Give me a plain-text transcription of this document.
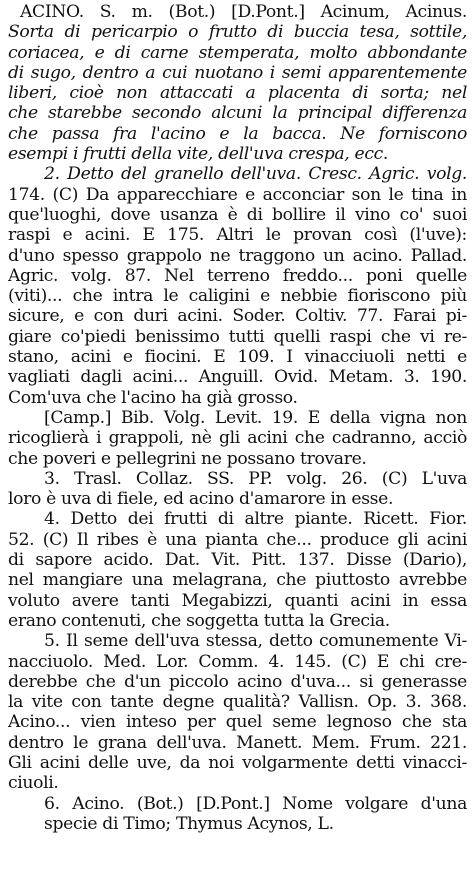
ACINO. S. m. (Bot.) [D.Pont.] Acinum, Acinus.
Sorta di pericarpio o frutto di buccia tesa, sottile,
coriacea, e di carne stemperata, molto abbondante
di sugo, dentro a cui nuotano i semi apparentemente
liberi, cioè non attaccati a placenta di sorta; nel
che starebbe secondo alcuni la principal differenza
che passa fra l'acino e la bacca. Ne forniscono
esempi i frutti della vite, dell'uva crespa, ecc.
2. Detto del granello dell'uva. Cresc. Agric. volg.
174. (C) Da apparecchiare e acconciar son le tina in
que'luoghi, dove usanza è di bollire il vino co' suoi
raspi e acini. E 175. Altri le provan così (l'uve):
d'uno spesso grappolo ne traggono un acino. Pallad.
Agric. volg. 87. Nel terreno freddo... poni quelle
(viti)... che intra le caligini e nebbie fioriscono più
sicure, e con duri acini. Soder. Coltiv. 77. Farai pi-
giare co'piedi benissimo tutti quelli raspi che vi re-
stano, acini e fiocini. E 109. I vinacciuoli netti e
vagliati dagli acini... Anguill. Ovid. Metam. 3. 190.
Com'uva che l'acino ha già grosso.
[Camp.] Bib. Volg. Levit. 19. E della vigna non
ricoglierà i grappoli, nè gli acini che cadranno, acciò
che poveri e pellegrini ne possano trovare.
3. Trasl. Collaz. SS. PP. volg. 26. (C) L'uva
loro è uva di fiele, ed acino d'amarore in esse.
4. Detto dei frutti di altre piante. Ricett. Fior.
52. (C) Il ribes è una pianta che... produce gli acini
di sapore acido. Dat. Vit. Pitt. 137. Disse (Dario),
nel mangiare una melagrana, che piuttosto avrebbe
voluto avere tanti Megabizzi, quanti acini in essa
erano contenuti, che soggetta tutta la Grecia.
5. Il seme dell'uva stessa, detto comunemente Vi-
nacciuolo. Med. Lor. Comm. 4. 145. (C) E chi cre-
derebbe che d'un piccolo acino d'uva... si generasse
la vite con tante degne qualità? Vallisn. Op. 3. 368.
Acino... vien inteso per quel seme legnoso che sta
dentro le grana dell'uva. Manett. Mem. Frum. 221.
Gli acini delle uve, da noi volgarmente detti vinacci-
ciuoli.
6. Acino. (Bot.) [D.Pont.] Nome volgare d'una
specie di Timo; Thymus Acynos, L.
